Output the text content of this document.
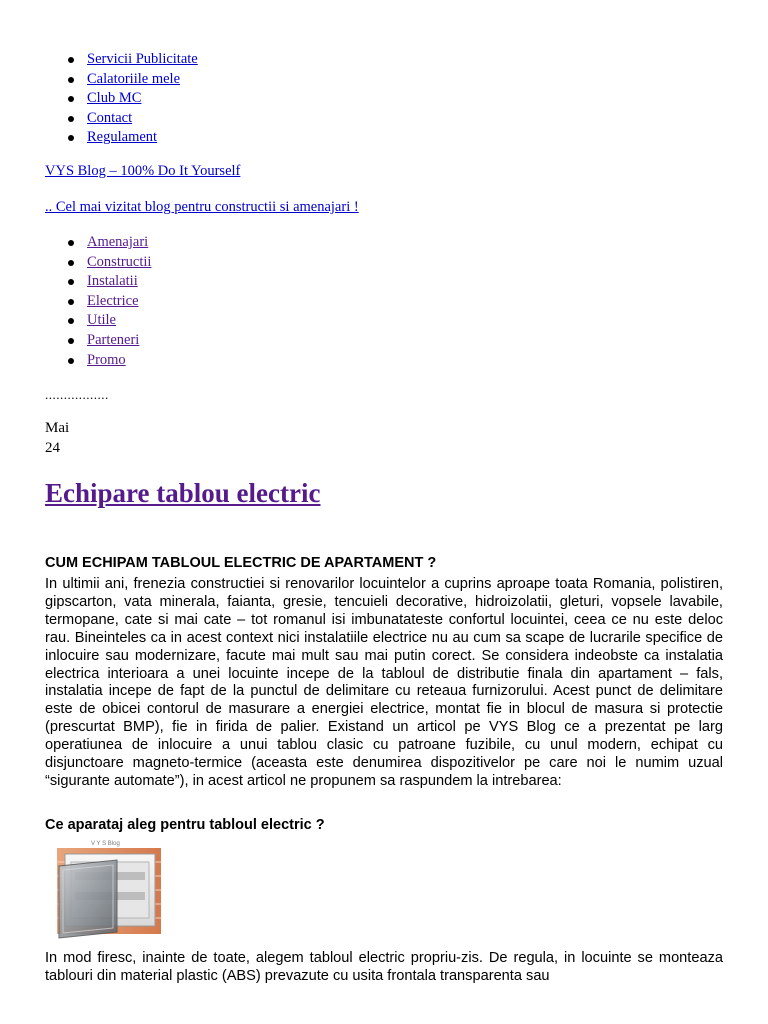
Servicii Publicitate
Calatoriile mele
Club MC
Contact
Regulament
VYS Blog – 100% Do It Yourself
.. Cel mai vizitat blog pentru constructii si amenajari !
Amenajari
Constructii
Instalatii
Electrice
Utile
Parteneri
Promo
.................
Mai
24
Echipare tablou electric
CUM ECHIPAM TABLOUL ELECTRIC DE APARTAMENT ?

In ultimii ani, frenezia constructiei si renovarilor locuintelor a cuprins aproape toata Romania, polistiren, gipscarton, vata minerala, faianta, gresie, tencuieli decorative, hidroizolatii, gleturi, vopsele lavabile, termopane, cate si mai cate – tot romanul isi imbunatateste confortul locuintei, ceea ce nu este deloc rau. Bineinteles ca in acest context nici instalatiile electrice nu au cum sa scape de lucrarile specifice de inlocuire sau modernizare, facute mai mult sau mai putin corect. Se considera indeobste ca instalatia electrica interioara a unei locuinte incepe de la tabloul de distributie finala din apartament – fals, instalatia incepe de fapt de la punctul de delimitare cu reteaua furnizorului. Acest punct de delimitare este de obicei contorul de masurare a energiei electrice, montat fie in blocul de masura si protectie (prescurtat BMP), fie in firida de palier. Existand un articol pe VYS Blog ce a prezentat pe larg operatiunea de inlocuire a unui tablou clasic cu patroane fuzibile, cu unul modern, echipat cu disjunctoare magneto-termice (aceasta este denumirea dispozitivelor pe care noi le numim uzual “sigurante automate”), in acest articol ne propunem sa raspundem la intrebarea:

Ce aparataj aleg pentru tabloul electric ?
V Y S Blog

In mod firesc, inainte de toate, alegem tabloul electric propriu-zis. De regula, in locuinte se monteaza tablouri din material plastic (ABS) prevazute cu usita frontala transparenta sau
